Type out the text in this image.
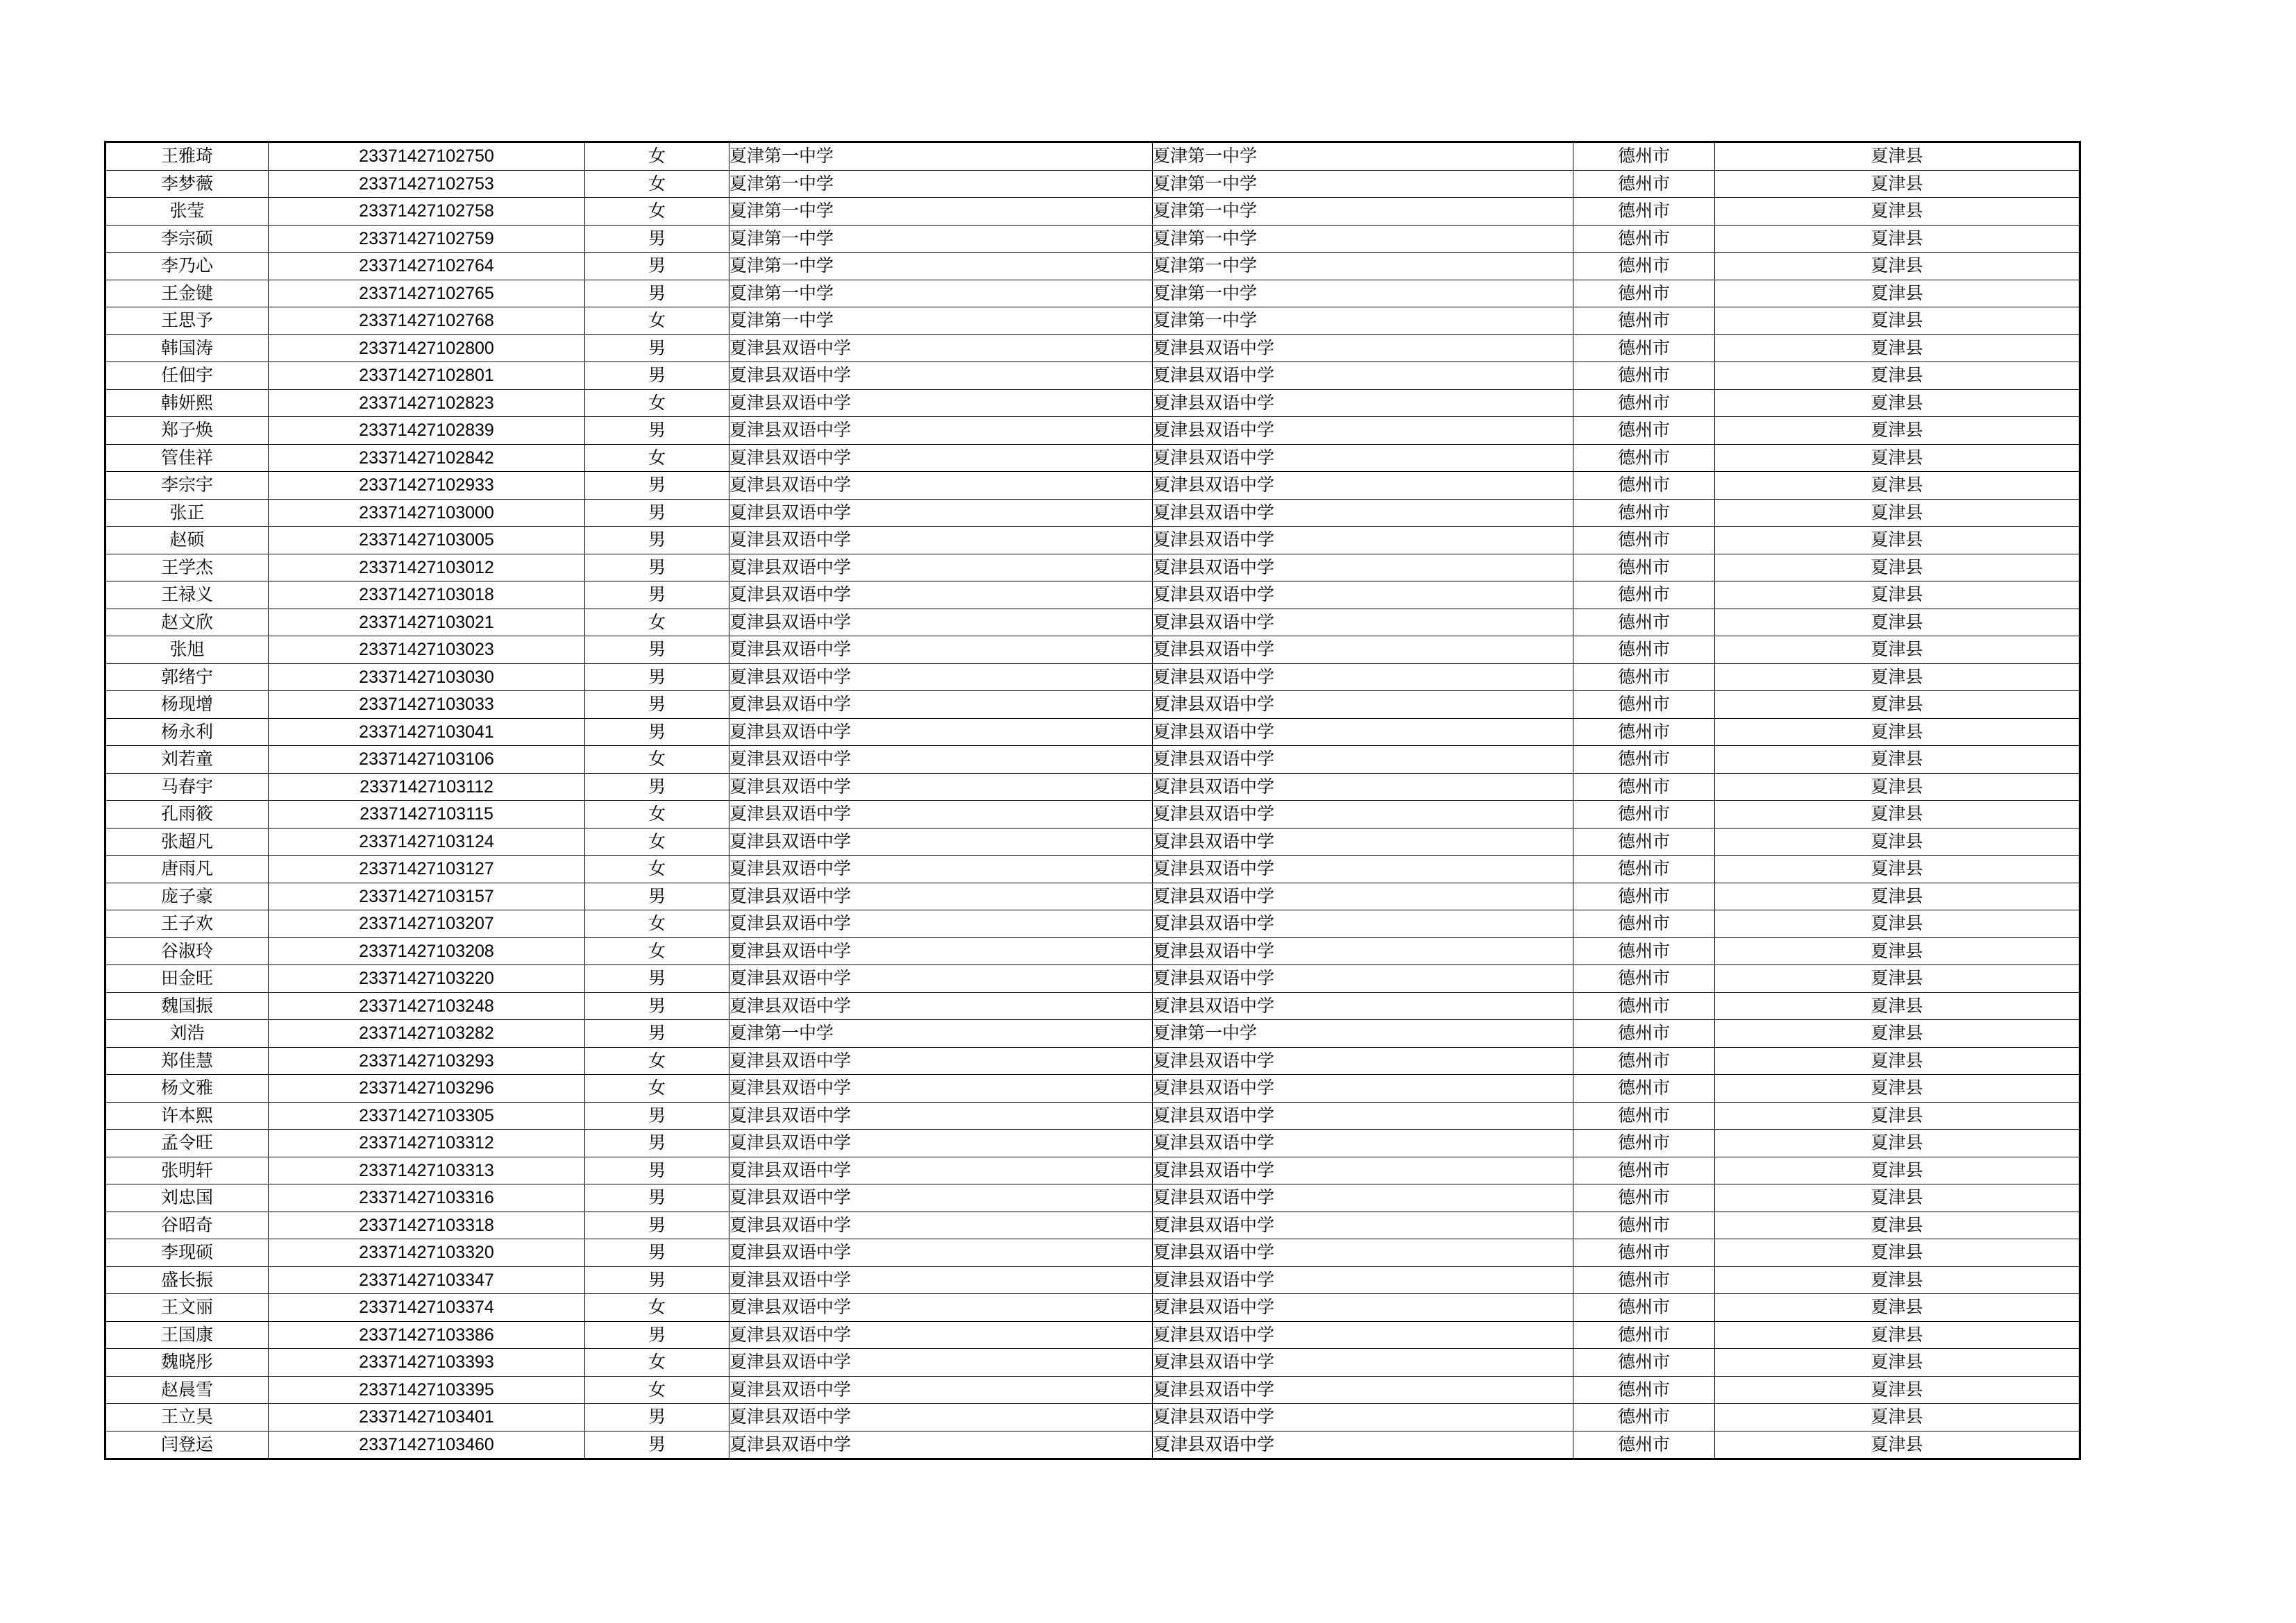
王雅琦	23371427102750	女	夏津第一中学	夏津第一中学	德州市	夏津县
李梦薇	23371427102753	女	夏津第一中学	夏津第一中学	德州市	夏津县
张莹	23371427102758	女	夏津第一中学	夏津第一中学	德州市	夏津县
李宗硕	23371427102759	男	夏津第一中学	夏津第一中学	德州市	夏津县
李乃心	23371427102764	男	夏津第一中学	夏津第一中学	德州市	夏津县
王金键	23371427102765	男	夏津第一中学	夏津第一中学	德州市	夏津县
王思予	23371427102768	女	夏津第一中学	夏津第一中学	德州市	夏津县
韩国涛	23371427102800	男	夏津县双语中学	夏津县双语中学	德州市	夏津县
任佃宇	23371427102801	男	夏津县双语中学	夏津县双语中学	德州市	夏津县
韩妍熙	23371427102823	女	夏津县双语中学	夏津县双语中学	德州市	夏津县
郑子焕	23371427102839	男	夏津县双语中学	夏津县双语中学	德州市	夏津县
管佳祥	23371427102842	女	夏津县双语中学	夏津县双语中学	德州市	夏津县
李宗宇	23371427102933	男	夏津县双语中学	夏津县双语中学	德州市	夏津县
张正	23371427103000	男	夏津县双语中学	夏津县双语中学	德州市	夏津县
赵硕	23371427103005	男	夏津县双语中学	夏津县双语中学	德州市	夏津县
王学杰	23371427103012	男	夏津县双语中学	夏津县双语中学	德州市	夏津县
王禄义	23371427103018	男	夏津县双语中学	夏津县双语中学	德州市	夏津县
赵文欣	23371427103021	女	夏津县双语中学	夏津县双语中学	德州市	夏津县
张旭	23371427103023	男	夏津县双语中学	夏津县双语中学	德州市	夏津县
郭绪宁	23371427103030	男	夏津县双语中学	夏津县双语中学	德州市	夏津县
杨现增	23371427103033	男	夏津县双语中学	夏津县双语中学	德州市	夏津县
杨永利	23371427103041	男	夏津县双语中学	夏津县双语中学	德州市	夏津县
刘若童	23371427103106	女	夏津县双语中学	夏津县双语中学	德州市	夏津县
马春宇	23371427103112	男	夏津县双语中学	夏津县双语中学	德州市	夏津县
孔雨筱	23371427103115	女	夏津县双语中学	夏津县双语中学	德州市	夏津县
张超凡	23371427103124	女	夏津县双语中学	夏津县双语中学	德州市	夏津县
唐雨凡	23371427103127	女	夏津县双语中学	夏津县双语中学	德州市	夏津县
庞子豪	23371427103157	男	夏津县双语中学	夏津县双语中学	德州市	夏津县
王子欢	23371427103207	女	夏津县双语中学	夏津县双语中学	德州市	夏津县
谷淑玲	23371427103208	女	夏津县双语中学	夏津县双语中学	德州市	夏津县
田金旺	23371427103220	男	夏津县双语中学	夏津县双语中学	德州市	夏津县
魏国振	23371427103248	男	夏津县双语中学	夏津县双语中学	德州市	夏津县
刘浩	23371427103282	男	夏津第一中学	夏津第一中学	德州市	夏津县
郑佳慧	23371427103293	女	夏津县双语中学	夏津县双语中学	德州市	夏津县
杨文雅	23371427103296	女	夏津县双语中学	夏津县双语中学	德州市	夏津县
许本熙	23371427103305	男	夏津县双语中学	夏津县双语中学	德州市	夏津县
孟令旺	23371427103312	男	夏津县双语中学	夏津县双语中学	德州市	夏津县
张明轩	23371427103313	男	夏津县双语中学	夏津县双语中学	德州市	夏津县
刘忠国	23371427103316	男	夏津县双语中学	夏津县双语中学	德州市	夏津县
谷昭奇	23371427103318	男	夏津县双语中学	夏津县双语中学	德州市	夏津县
李现硕	23371427103320	男	夏津县双语中学	夏津县双语中学	德州市	夏津县
盛长振	23371427103347	男	夏津县双语中学	夏津县双语中学	德州市	夏津县
王文丽	23371427103374	女	夏津县双语中学	夏津县双语中学	德州市	夏津县
王国康	23371427103386	男	夏津县双语中学	夏津县双语中学	德州市	夏津县
魏晓彤	23371427103393	女	夏津县双语中学	夏津县双语中学	德州市	夏津县
赵晨雪	23371427103395	女	夏津县双语中学	夏津县双语中学	德州市	夏津县
王立昊	23371427103401	男	夏津县双语中学	夏津县双语中学	德州市	夏津县
闫登运	23371427103460	男	夏津县双语中学	夏津县双语中学	德州市	夏津县
